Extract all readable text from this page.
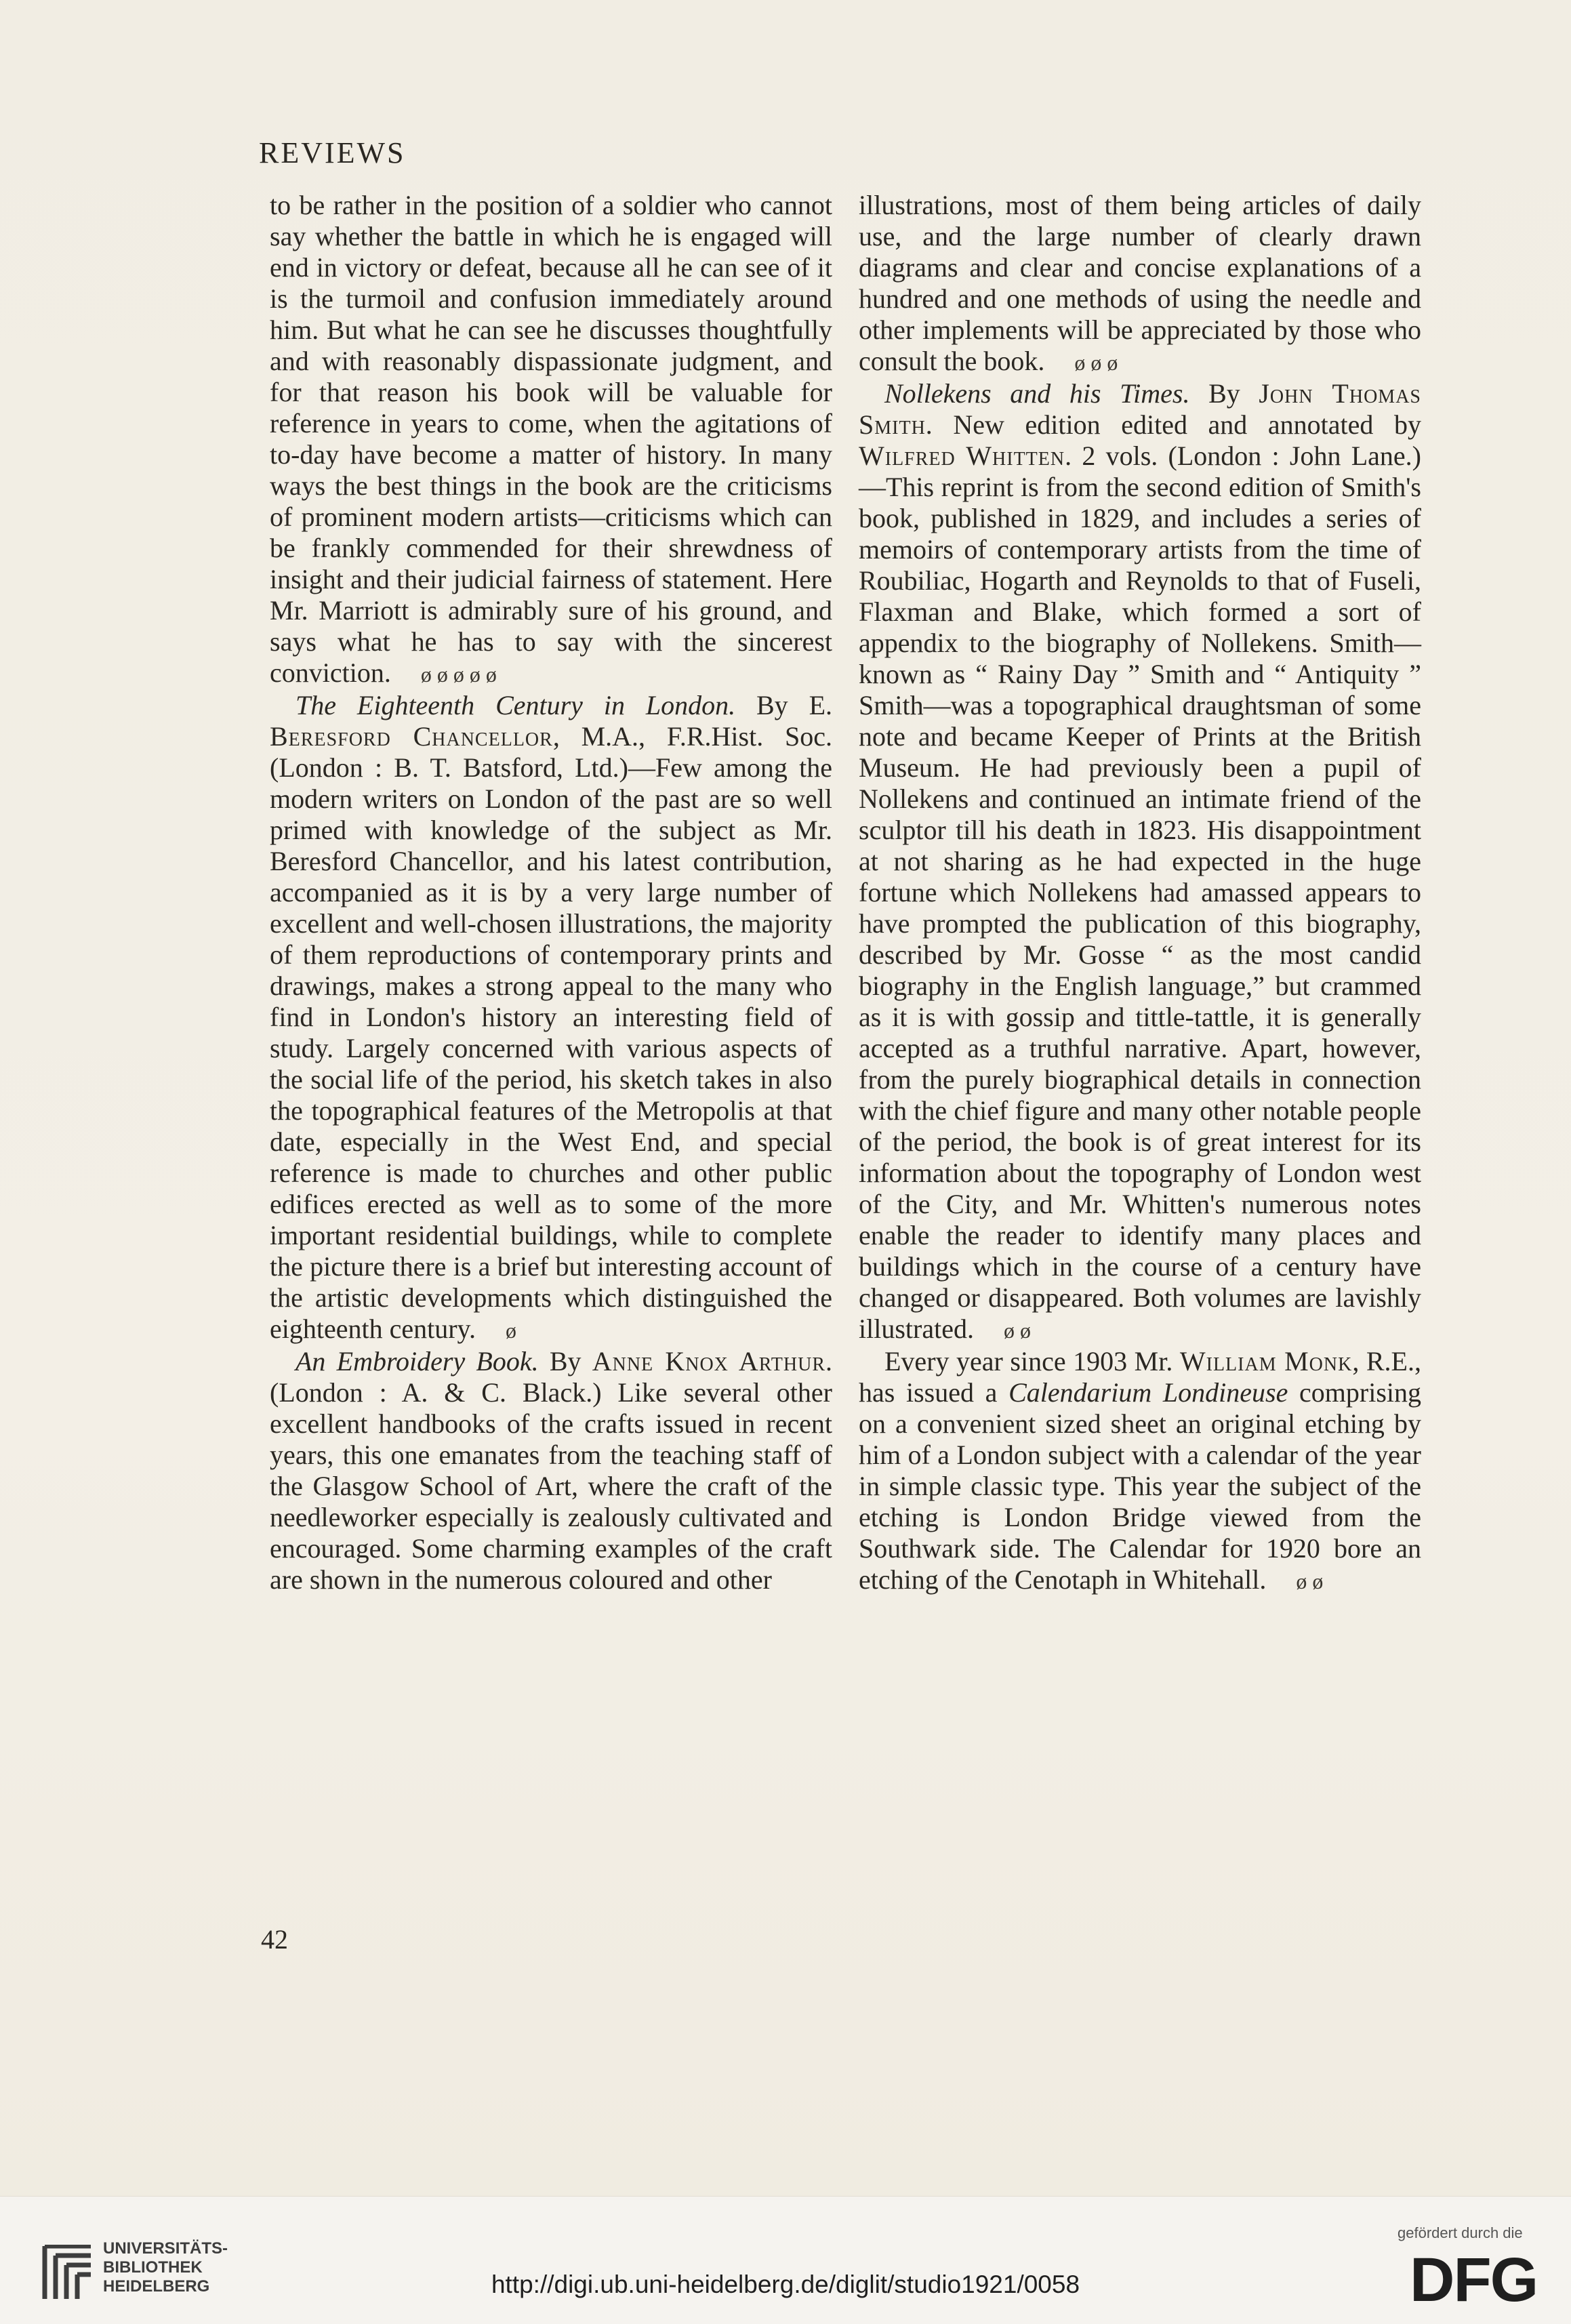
REVIEWS

to be rather in the position of a soldier who cannot say whether the battle in which he is engaged will end in victory or defeat, because all he can see of it is the turmoil and confusion immediately around him. But what he can see he discusses thoughtfully and with reasonably dispassionate judgment, and for that reason his book will be valuable for reference in years to come, when the agitations of to-day have become a matter of history. In many ways the best things in the book are the criticisms of prominent modern artists—criticisms which can be frankly commended for their shrewdness of insight and their judicial fairness of statement. Here Mr. Marriott is admirably sure of his ground, and says what he has to say with the sincerest conviction. ø ø ø ø ø

The Eighteenth Century in London. By E. Beresford Chancellor, M.A., F.R.Hist. Soc. (London : B. T. Batsford, Ltd.)—Few among the modern writers on London of the past are so well primed with knowledge of the subject as Mr. Beresford Chancellor, and his latest contribution, accompanied as it is by a very large number of excellent and well-chosen illustrations, the majority of them reproductions of contemporary prints and drawings, makes a strong appeal to the many who find in London's history an interesting field of study. Largely concerned with various aspects of the social life of the period, his sketch takes in also the topographical features of the Metropolis at that date, especially in the West End, and special reference is made to churches and other public edifices erected as well as to some of the more important residential buildings, while to complete the picture there is a brief but interesting account of the artistic developments which distinguished the eighteenth century. ø

An Embroidery Book. By Anne Knox Arthur. (London : A. & C. Black.) Like several other excellent handbooks of the crafts issued in recent years, this one emanates from the teaching staff of the Glasgow School of Art, where the craft of the needleworker especially is zealously cultivated and encouraged. Some charming examples of the craft are shown in the numerous coloured and other

illustrations, most of them being articles of daily use, and the large number of clearly drawn diagrams and clear and concise explanations of a hundred and one methods of using the needle and other implements will be appreciated by those who consult the book. ø ø ø

Nollekens and his Times. By John Thomas Smith. New edition edited and annotated by Wilfred Whitten. 2 vols. (London : John Lane.)—This reprint is from the second edition of Smith's book, published in 1829, and includes a series of memoirs of contemporary artists from the time of Roubiliac, Hogarth and Reynolds to that of Fuseli, Flaxman and Blake, which formed a sort of appendix to the biography of Nollekens. Smith—known as “ Rainy Day ” Smith and “ Antiquity ” Smith—was a topographical draughtsman of some note and became Keeper of Prints at the British Museum. He had previously been a pupil of Nollekens and continued an intimate friend of the sculptor till his death in 1823. His disappointment at not sharing as he had expected in the huge fortune which Nollekens had amassed appears to have prompted the publication of this biography, described by Mr. Gosse “ as the most candid biography in the English language,” but crammed as it is with gossip and tittle-tattle, it is generally accepted as a truthful narrative. Apart, however, from the purely biographical details in connection with the chief figure and many other notable people of the period, the book is of great interest for its information about the topography of London west of the City, and Mr. Whitten's numerous notes enable the reader to identify many places and buildings which in the course of a century have changed or disappeared. Both volumes are lavishly illustrated. ø ø

Every year since 1903 Mr. William Monk, R.E., has issued a Calendarium Londineuse comprising on a convenient sized sheet an original etching by him of a London subject with a calendar of the year in simple classic type. This year the subject of the etching is London Bridge viewed from the Southwark side. The Calendar for 1920 bore an etching of the Cenotaph in Whitehall. ø ø

42
UNIVERSITÄTS-
BIBLIOTHEK
HEIDELBERG	http://digi.ub.uni-heidelberg.de/diglit/studio1921/0058
gefördert durch die
DFG
